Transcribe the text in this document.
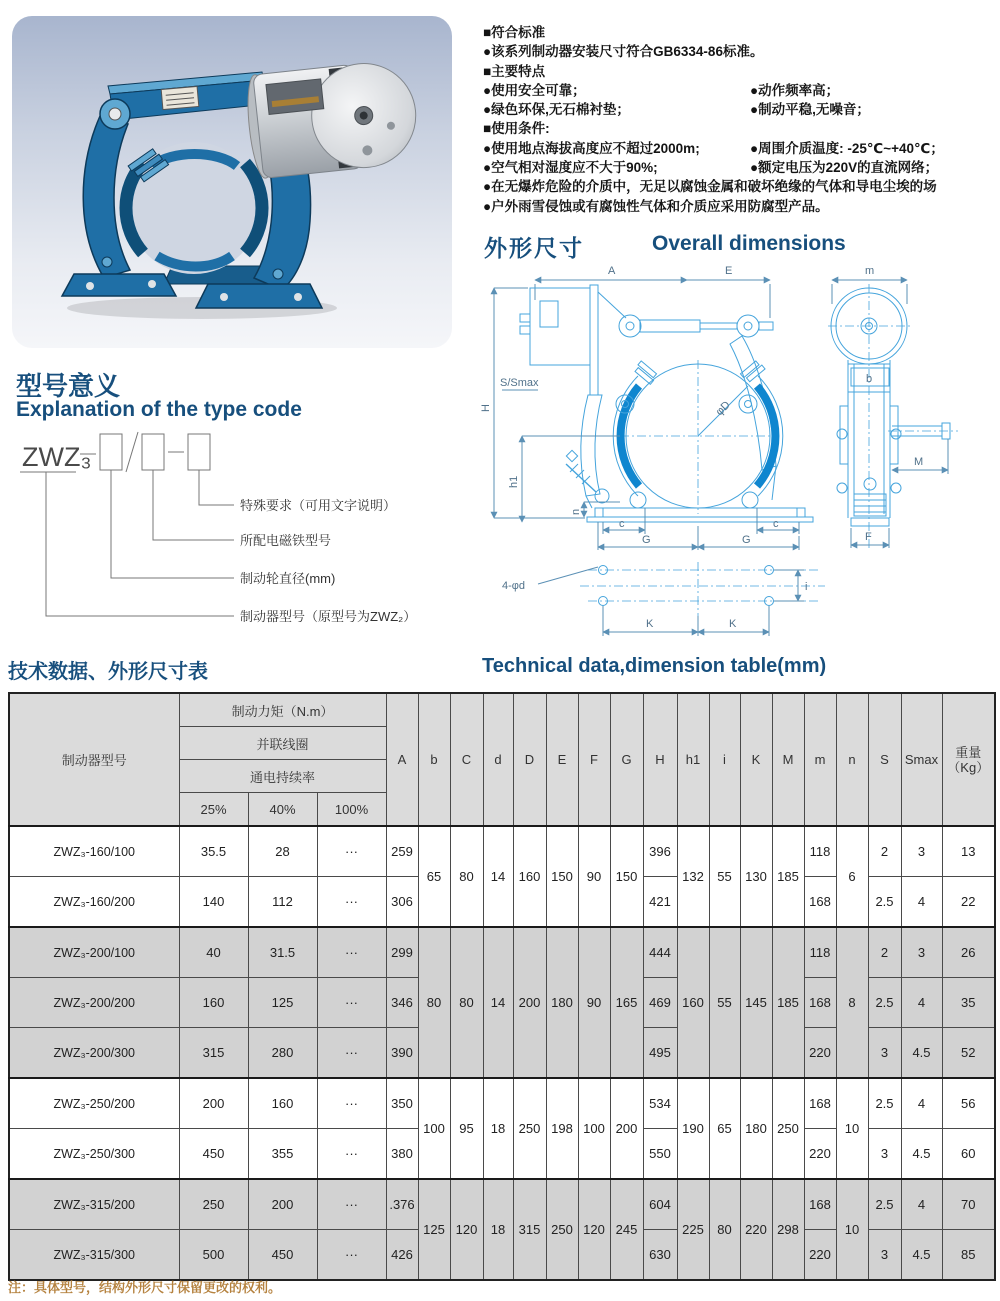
■符合标准
●该系列制动器安装尺寸符合GB6334-86标准。
■主要特点
●使用安全可靠；	●动作频率高；
●绿色环保,无石棉衬垫；	●制动平稳,无噪音；
■使用条件:
●使用地点海拔高度应不超过2000m;	●周围介质温度: -25℃~+40℃；
●空气相对湿度应不大于90%;	●额定电压为220V的直流网络；
●在无爆炸危险的介质中，无足以腐蚀金属和破坏绝缘的气体和导电尘埃的场
●户外雨雪侵蚀或有腐蚀性气体和介质应采用防腐型产品。
型号意义
Explanation of the type code
ZWZ₃
特殊要求（可用文字说明）
所配电磁铁型号
制动轮直径(mm)
制动器型号（原型号为ZWZ₂）
外形尺寸	Overall dimensions
A	E
H
S/Smax
φD
h1
n
c	c
G	G
i
4-φd
K	K
m
b
M
F
技术数据、外形尺寸表	Technical data,dimension table(mm)
制动器型号	制动力矩（N.m）			A	b	C	d	D	E	F	G	H	h1	i	K	M	m	n	S	Smax	重量
（Kg）

	并联线圈																				
	通电持续率																				
	25%	40%	100%																		
ZWZ₃-160/100	35.5	28	···	259	65	80	14	160	150	90	150	396	132	55	130	185	118	6	2	3	13
ZWZ₃-160/200	140	112	···	306								421					168		2.5	4	22
ZWZ₃-200/100	40	31.5	···	299	80	80	14	200	180	90	165	444	160	55	145	185	118	8	2	3	26
ZWZ₃-200/200	160	125	···	346								469					168		2.5	4	35
ZWZ₃-200/300	315	280	···	390								495					220		3	4.5	52
ZWZ₃-250/200	200	160	···	350	100	95	18	250	198	100	200	534	190	65	180	250	168	10	2.5	4	56
ZWZ₃-250/300	450	355	···	380								550					220		3	4.5	60
ZWZ₃-315/200	250	200	···	.376	125	120	18	315	250	120	245	604	225	80	220	298	168	10	2.5	4	70
ZWZ₃-315/300	500	450	···	426								630					220		3	4.5	85
注：具体型号，结构外形尺寸保留更改的权利。
